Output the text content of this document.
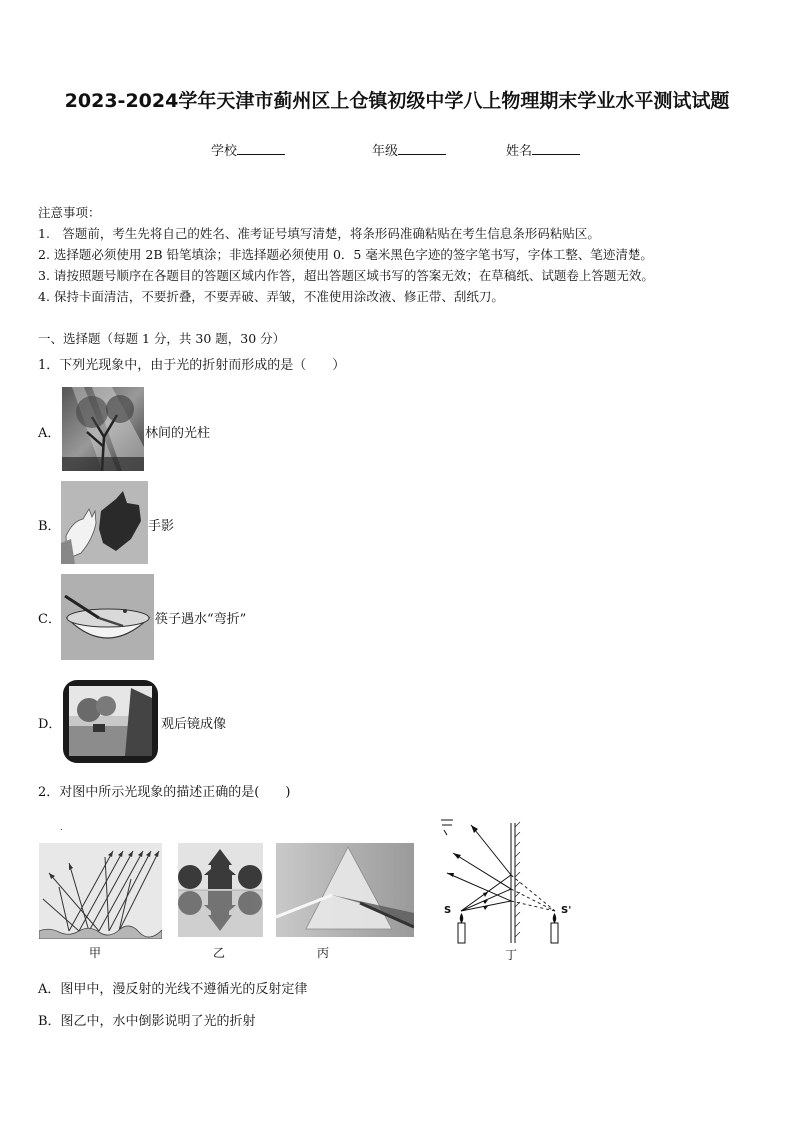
2023-2024学年天津市蓟州区上仓镇初级中学八上物理期末学业水平测试试题
学校	年级	姓名
注意事项：
1.　答题前，考生先将自己的姓名、准考证号填写清楚，将条形码准确粘贴在考生信息条形码粘贴区。
2. 选择题必须使用 2B 铅笔填涂；非选择题必须使用 0．5 毫米黑色字迹的签字笔书写，字体工整、笔迹清楚。
3. 请按照题号顺序在各题目的答题区域内作答，超出答题区域书写的答案无效；在草稿纸、试题卷上答题无效。
4. 保持卡面清洁，不要折叠，不要弄破、弄皱，不准使用涂改液、修正带、刮纸刀。
一、选择题（每题 1 分，共 30 题，30 分）
1．下列光现象中，由于光的折射而形成的是（　　）
A．	林间的光柱
B．	手影
C．	筷子遇水“弯折”
D．	观后镜成像
2．对图中所示光现象的描述正确的是(　　)
.
甲	乙	丙
S	S'
丁
A．图甲中，漫反射的光线不遵循光的反射定律
B．图乙中，水中倒影说明了光的折射
